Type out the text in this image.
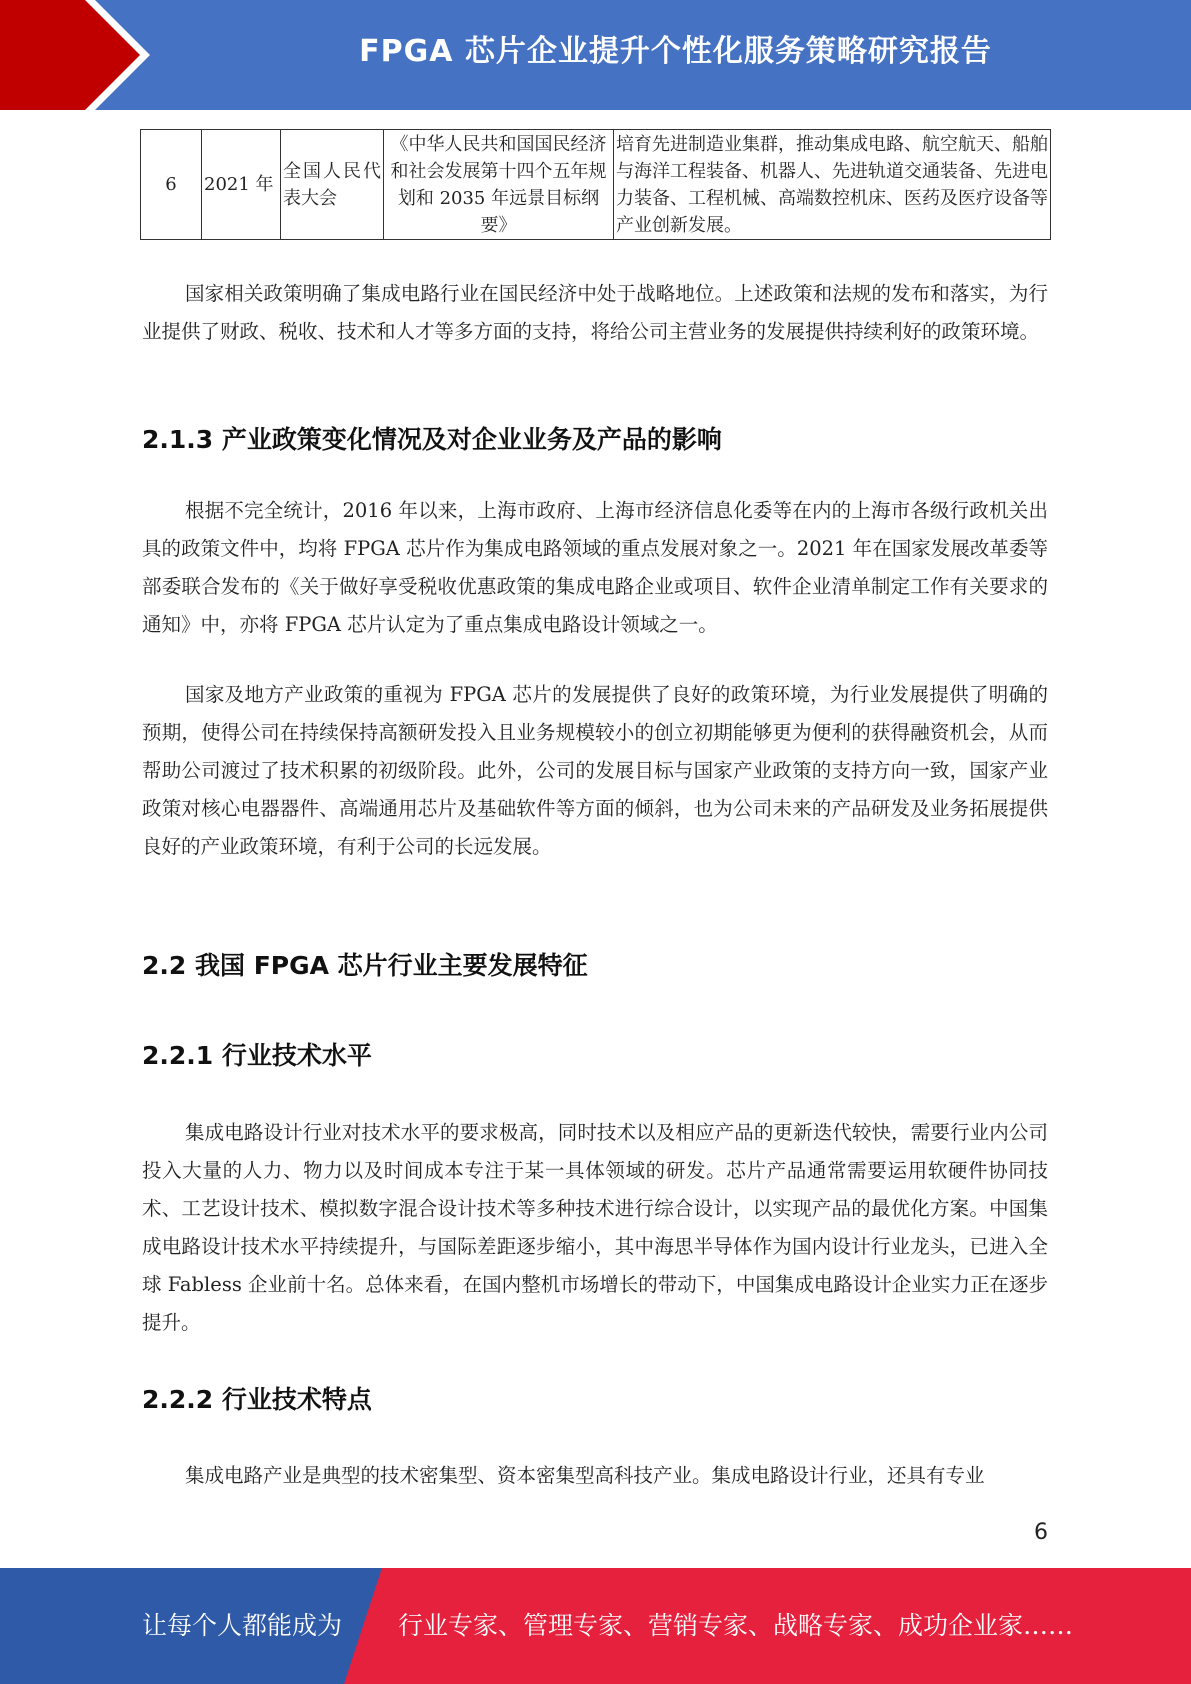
FPGA 芯片企业提升个性化服务策略研究报告
6	2021 年	全国人民代表大会	《中华人民共和国国民经济和社会发展第十四个五年规划和 2035 年远景目标纲要》	培育先进制造业集群，推动集成电路、航空航天、船舶与海洋工程装备、机器人、先进轨道交通装备、先进电力装备、工程机械、高端数控机床、医药及医疗设备等产业创新发展。

国家相关政策明确了集成电路行业在国民经济中处于战略地位。上述政策和法规的发布和落实，为行业提供了财政、税收、技术和人才等多方面的支持，将给公司主营业务的发展提供持续利好的政策环境。

2.1.3 产业政策变化情况及对企业业务及产品的影响

根据不完全统计，2016 年以来，上海市政府、上海市经济信息化委等在内的上海市各级行政机关出具的政策文件中，均将 FPGA 芯片作为集成电路领域的重点发展对象之一。2021 年在国家发展改革委等部委联合发布的《关于做好享受税收优惠政策的集成电路企业或项目、软件企业清单制定工作有关要求的通知》中，亦将 FPGA 芯片认定为了重点集成电路设计领域之一。

国家及地方产业政策的重视为 FPGA 芯片的发展提供了良好的政策环境，为行业发展提供了明确的预期，使得公司在持续保持高额研发投入且业务规模较小的创立初期能够更为便利的获得融资机会，从而帮助公司渡过了技术积累的初级阶段。此外，公司的发展目标与国家产业政策的支持方向一致，国家产业政策对核心电器器件、高端通用芯片及基础软件等方面的倾斜，也为公司未来的产品研发及业务拓展提供良好的产业政策环境，有利于公司的长远发展。

2.2 我国 FPGA 芯片行业主要发展特征
2.2.1 行业技术水平

集成电路设计行业对技术水平的要求极高，同时技术以及相应产品的更新迭代较快，需要行业内公司投入大量的人力、物力以及时间成本专注于某一具体领域的研发。芯片产品通常需要运用软硬件协同技术、工艺设计技术、模拟数字混合设计技术等多种技术进行综合设计，以实现产品的最优化方案。中国集成电路设计技术水平持续提升，与国际差距逐步缩小，其中海思半导体作为国内设计行业龙头，已进入全球 Fabless 企业前十名。总体来看，在国内整机市场增长的带动下，中国集成电路设计企业实力正在逐步提升。

2.2.2 行业技术特点

集成电路产业是典型的技术密集型、资本密集型高科技产业。集成电路设计行业，还具有专业

6
让每个人都能成为 行业专家、管理专家、营销专家、战略专家、成功企业家……
